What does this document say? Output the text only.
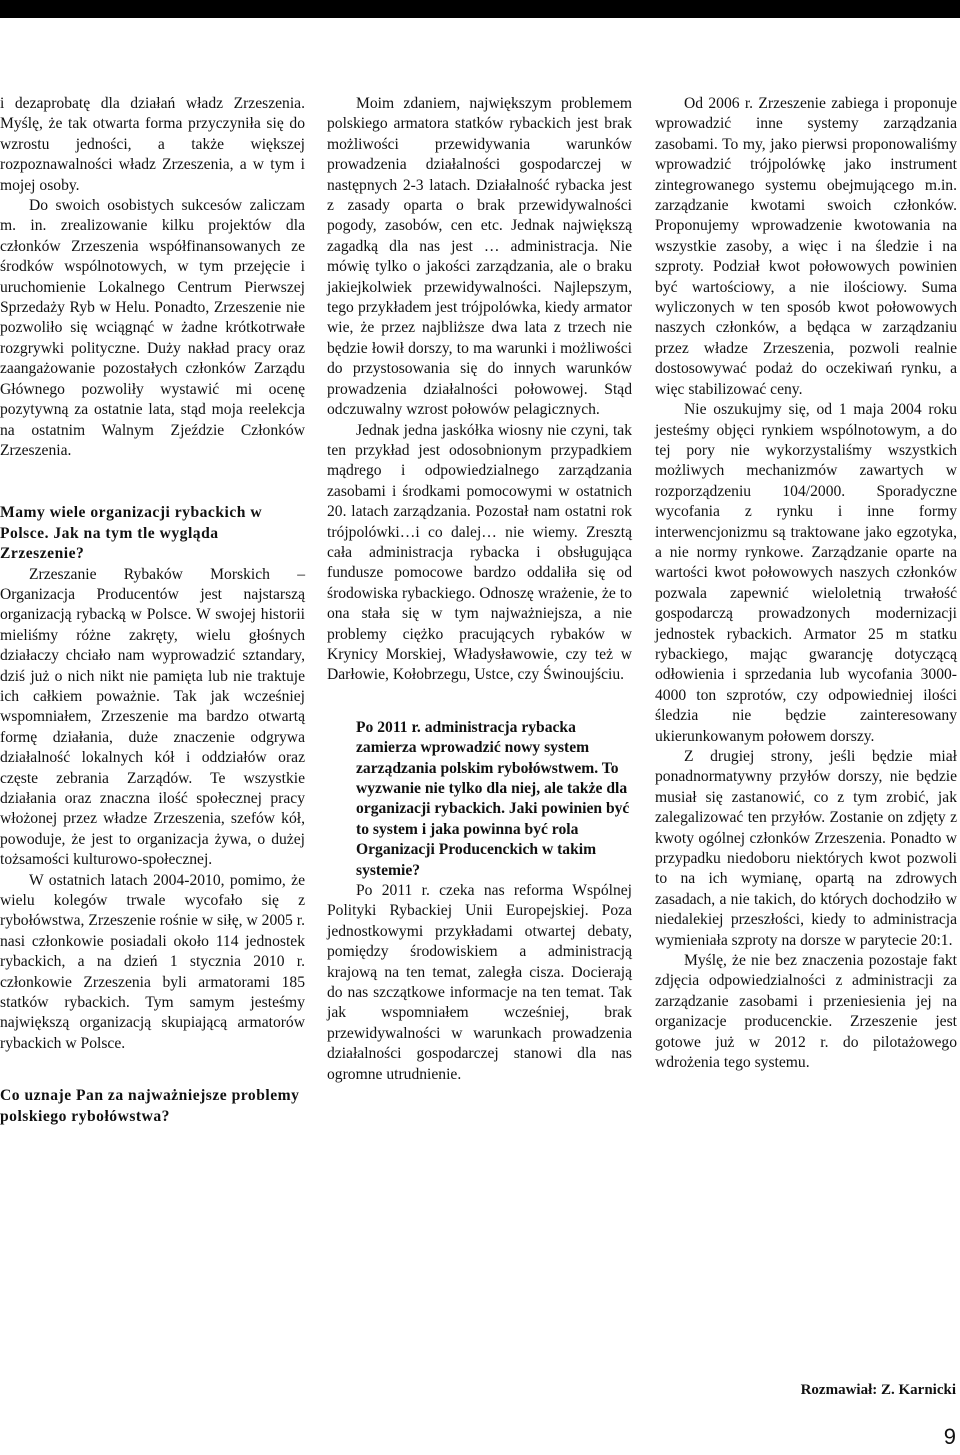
i dezaprobatę dla działań władz Zrzeszenia. Myślę, że tak otwarta forma przyczyniła się do wzrostu jedności, a także większej rozpoznawalności władz Zrzeszenia, a w tym i mojej osoby.

Do swoich osobistych sukcesów zaliczam m. in. zrealizowanie kilku projektów dla członków Zrzeszenia współfinansowanych ze środków wspólnotowych, w tym przejęcie i uruchomienie Lokalnego Centrum Pierwszej Sprzedaży Ryb w Helu. Ponadto, Zrzeszenie nie pozwoliło się wciągnąć w żadne krótkotrwałe rozgrywki polityczne. Duży nakład pracy oraz zaangażowanie pozostałych członków Zarządu Głównego pozwoliły wystawić mi ocenę pozytywną za ostatnie lata, stąd moja reelekcja na ostatnim Walnym Zjeździe Członków Zrzeszenia.

Mamy wiele organizacji rybackich w Polsce. Jak na tym tle wygląda Zrzeszenie?

Zrzeszanie Rybaków Morskich – Organizacja Producentów jest najstarszą organizacją rybacką w Polsce. W swojej historii mieliśmy różne zakręty, wielu głośnych działaczy chciało nam wyprowadzić sztandary, dziś już o nich nikt nie pamięta lub nie traktuje ich całkiem poważnie. Tak jak wcześniej wspomniałem, Zrzeszenie ma bardzo otwartą formę działania, duże znaczenie odgrywa działalność lokalnych kół i oddziałów oraz częste zebrania Zarządów. Te wszystkie działania oraz znaczna ilość społecznej pracy włożonej przez władze Zrzeszenia, szefów kół, powoduje, że jest to organizacja żywa, o dużej tożsamości kulturowo-społecznej.

W ostatnich latach 2004-2010, pomimo, że wielu kolegów trwale wycofało się z rybołówstwa, Zrzeszenie rośnie w siłę, w 2005 r. nasi członkowie posiadali około 114 jednostek rybackich, a na dzień 1 stycznia 2010 r. członkowie Zrzeszenia byli armatorami 185 statków rybackich. Tym samym jesteśmy największą organizacją skupiającą armatorów rybackich w Polsce.

Co uznaje Pan za najważniejsze problemy polskiego rybołówstwa?

Moim zdaniem, największym problemem polskiego armatora statków rybackich jest brak możliwości przewidywania warunków prowadzenia działalności gospodarczej w następnych 2-3 latach. Działalność rybacka jest z zasady oparta o brak przewidywalności pogody, zasobów, cen etc. Jednak największą zagadką dla nas jest … administracja. Nie mówię tylko o jakości zarządzania, ale o braku jakiejkolwiek przewidywalności. Najlepszym, tego przykładem jest trójpolówka, kiedy armator wie, że przez najbliższe dwa lata z trzech nie będzie łowił dorszy, to ma warunki i możliwości do przystosowania się do innych warunków prowadzenia działalności połowowej. Stąd odczuwalny wzrost połowów pelagicznych.

Jednak jedna jaskółka wiosny nie czyni, tak ten przykład jest odosobnionym przypadkiem mądrego i odpowiedzialnego zarządzania zasobami i środkami pomocowymi w ostatnich 20. latach zarządzania. Pozostał nam ostatni rok trójpolówki…i co dalej… nie wiemy. Zresztą cała administracja rybacka i obsługująca fundusze pomocowe bardzo oddaliła się od środowiska rybackiego. Odnoszę wrażenie, że to ona stała się w tym najważniejsza, a nie problemy ciężko pracujących rybaków w Krynicy Morskiej, Władysławowie, czy też w Darłowie, Kołobrzegu, Ustce, czy Świnoujściu.

Po 2011 r. administracja rybacka zamierza wprowadzić nowy system zarządzania polskim rybołówstwem. To wyzwanie nie tylko dla niej, ale także dla organizacji rybackich. Jaki powinien być to system i jaka powinna być rola Organizacji Producenckich w takim systemie?

Po 2011 r. czeka nas reforma Wspólnej Polityki Rybackiej Unii Europejskiej. Poza jednostkowymi przykładami otwartej debaty, pomiędzy środowiskiem a administracją krajową na ten temat, zaległa cisza. Docierają do nas szczątkowe informacje na ten temat. Tak jak wspomniałem wcześniej, brak przewidywalności w warunkach prowadzenia działalności gospodarczej stanowi dla nas ogromne utrudnienie.

Od 2006 r. Zrzeszenie zabiega i proponuje wprowadzić inne systemy zarządzania zasobami. To my, jako pierwsi proponowaliśmy wprowadzić trójpolówkę jako instrument zintegrowanego systemu obejmującego m.in. zarządzanie kwotami swoich członków. Proponujemy wprowadzenie kwotowania na wszystkie zasoby, a więc i na śledzie i na szproty. Podział kwot połowowych powinien być wartościowy, a nie ilościowy. Suma wyliczonych w ten sposób kwot połowowych naszych członków, a będąca w zarządzaniu przez władze Zrzeszenia, pozwoli realnie dostosowywać podaż do oczekiwań rynku, a więc stabilizować ceny.

Nie oszukujmy się, od 1 maja 2004 roku jesteśmy objęci rynkiem wspólnotowym, a do tej pory nie wykorzystaliśmy wszystkich możliwych mechanizmów zawartych w rozporządzeniu 104/2000. Sporadyczne wycofania z rynku i inne formy interwencjonizmu są traktowane jako egzotyka, a nie normy rynkowe. Zarządzanie oparte na wartości kwot połowowych naszych członków pozwala zapewnić wieloletnią trwałość gospodarczą prowadzonych modernizacji jednostek rybackich. Armator 25 m statku rybackiego, mając gwarancję dotyczącą odłowienia i sprzedania lub wycofania 3000-4000 ton szprotów, czy odpowiedniej ilości śledzia nie będzie zainteresowany ukierunkowanym połowem dorszy.

Z drugiej strony, jeśli będzie miał ponadnormatywny przyłów dorszy, nie będzie musiał się zastanowić, co z tym zrobić, jak zalegalizować ten przyłów. Zostanie on zdjęty z kwoty ogólnej członków Zrzeszenia. Ponadto w przypadku niedoboru niektórych kwot pozwoli to na ich wymianę, opartą na zdrowych zasadach, a nie takich, do których dochodziło w niedalekiej przeszłości, kiedy to administracja wymieniała szproty na dorsze w parytecie 20:1.

Myślę, że nie bez znaczenia pozostaje fakt zdjęcia odpowiedzialności z administracji za zarządzanie zasobami i przeniesienia jej na organizacje producenckie. Zrzeszenie jest gotowe już w 2012 r. do pilotażowego wdrożenia tego systemu.

Rozmawiał: Z. Karnicki
9
